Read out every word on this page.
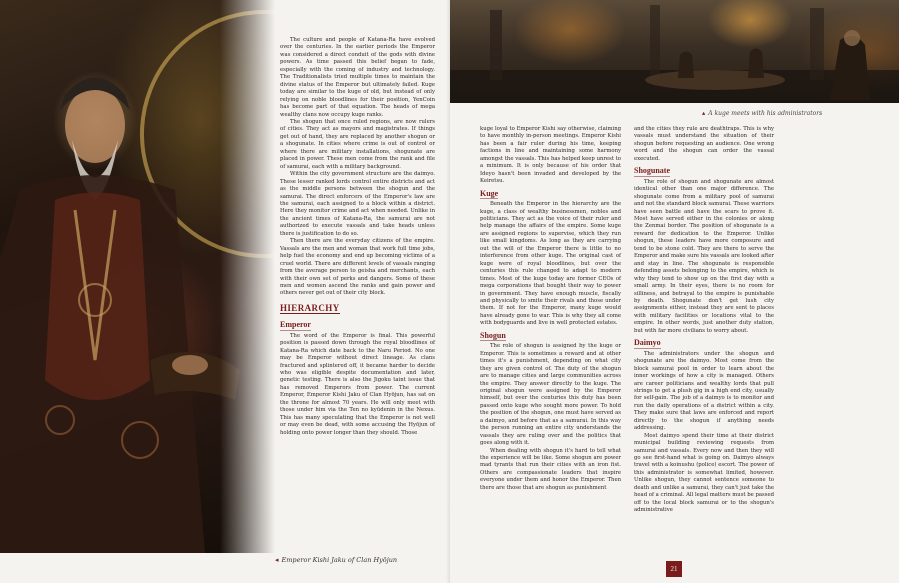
◂ Emperor Kishi Jaku of Clan Hyōjun

The culture and people of Katana-Ra have evolved over the centuries. In the earlier periods the Emperor was considered a direct conduit of the gods with divine powers. As time passed this belief began to fade, especially with the coming of industry and technology. The Traditionalists tried multiple times to maintain the divine status of the Emperor but ultimately failed. Kuge today are similar to the kuge of old, but instead of only relying on noble bloodlines for their position, YenCoin has become part of that equation. The heads of mega wealthy clans now occupy kuge ranks.

The shogun that once ruled regions, are now rulers of cities. They act as mayors and magistrates. If things get out of hand, they are replaced by another shogun or a shogunate. In cities where crime is out of control or where there are military installations, shogunate are placed in power. These men come from the rank and file of samurai, each with a military background.

Within the city government structure are the daimyo. These lesser ranked lords control entire districts and act as the middle persons between the shogun and the samurai. The direct enforcers of the Emperor's law are the samurai, each assigned to a block within a district. Here they monitor crime and act when needed. Unlike in the ancient times of Katana-Ra, the samurai are not authorized to execute vassals and take heads unless there is justification to do so.

Then there are the everyday citizens of the empire. Vassals are the men and woman that work full time jobs, help fuel the economy and end up becoming victims of a cruel world. There are different levels of vassals ranging from the average person to geisha and merchants, each with their own set of perks and dangers. Some of these men and women ascend the ranks and gain power and others never get out of their city block.

HIERARCHY
Emperor

The word of the Emperor is final. This powerful position is passed down through the royal bloodlines of Katana-Ra which date back to the Naru Period. No one may be Emperor without direct lineage. As clans fractured and splintered off, it became harder to decide who was eligible despite documentation and later, genetic testing. There is also the Jigoku taint issue that has removed Emperors from power. The current Emperor, Emperor Kishi Jaku of Clan Hyōjun, has sat on the throne for almost 70 years. He will only meet with those under him via the Ten no kyūdenin in the Nexus. This has many speculating that the Emperor is not well or may even be dead, with some accusing the Hyōjun of holding onto power longer than they should. Those

▴ A kuge meets with his administrators

kuge loyal to Emperor Kishi say otherwise, claiming to have monthly in-person meetings. Emperor Kishi has been a fair ruler during his time, keeping factions in line and maintaining some harmony amongst the vassals. This has helped keep unrest to a minimum. It is only because of his order that Ideyo hasn't been invaded and developed by the Keiretsu.

Kuge

Beneath the Emperor in the hierarchy are the kuge, a class of wealthy businessmen, nobles and politicians. They act as the voice of their ruler and help manage the affairs of the empire. Some kuge are assigned regions to supervise, which they run like small kingdoms. As long as they are carrying out the will of the Emperor there is little to no interference from other kuge. The original cast of kuge were of royal bloodlines, but over the centuries this rule changed to adapt to modern times. Most of the kuge today are former CEOs of mega corporations that bought their way to power in government. They have enough muscle, fiscally and physically to smite their rivals and those under them. If not for the Emperor, many kuge would have already gone to war. This is why they all come with bodyguards and live in well protected estates.

Shogun

The role of shogun is assigned by the kuge or Emperor. This is sometimes a reward and at other times it's a punishment, depending on what city they are given control of. The duty of the shogun are to manage cities and large communities across the empire. They answer directly to the kuge. The original shogun were assigned by the Emperor himself, but over the centuries this duty has been passed onto kuge who sought more power. To hold the position of the shogun, one must have served as a daimyo, and before that as a samurai. In this way the person running an entire city understands the vassals they are ruling over and the politics that goes along with it.

When dealing with shogun it's hard to tell what the experience will be like. Some shogun are power mad tyrants that run their cities with an iron fist. Others are compassionate leaders that inspire everyone under them and honor the Emperor. Then there are those that are shogun as punishment

and the cities they rule are deathtraps. This is why vassals must understand the situation of their shogun before requesting an audience. One wrong word and the shogun can order the vassal executed.

Shogunate

The role of shogun and shogunate are almost identical other than one major difference. The shogunate come from a military pool of samurai and not the standard block samurai. These warriors have seen battle and have the scars to prove it. Most have served either in the colonies or along the Zenmai border. The position of shogunate is a reward for dedication to the Emperor. Unlike shogun, these leaders have more composure and tend to be stone cold. They are there to serve the Emperor and make sure his vassals are looked after and stay in line. The shogunate is responsible defending assets belonging to the empire, which is why they tend to show up on the first day with a small army. In their eyes, there is no room for silliness, and betrayal to the empire is punishable by death. Shogunate don't get lush city assignments either, instead they are sent to places with military facilities or locations vital to the empire. In other words, just another duty station, but with far more civilians to worry about.

Daimyo

The administrators under the shogun and shogunate are the daimyo. Most come from the block samurai pool in order to learn about the inner workings of how a city is managed. Others are career politicians and wealthy lords that pull strings to get a plush gig in a high end city, usually for self-gain. The job of a daimyo is to monitor and run the daily operations of a district within a city. They make sure that laws are enforced and report directly to the shogun if anything needs addressing.

Most daimyo spend their time at their district municipal building reviewing requests from samurai and vassals. Every now and then they will go see first-hand what is going on. Daimyo always travel with a koinushu (police) escort. The power of this administrator is somewhat limited, however. Unlike shogun, they cannot sentence someone to death and unlike a samurai, they can't just take the head of a criminal. All legal matters must be passed off to the local block samurai or to the shogun's administrative

21
